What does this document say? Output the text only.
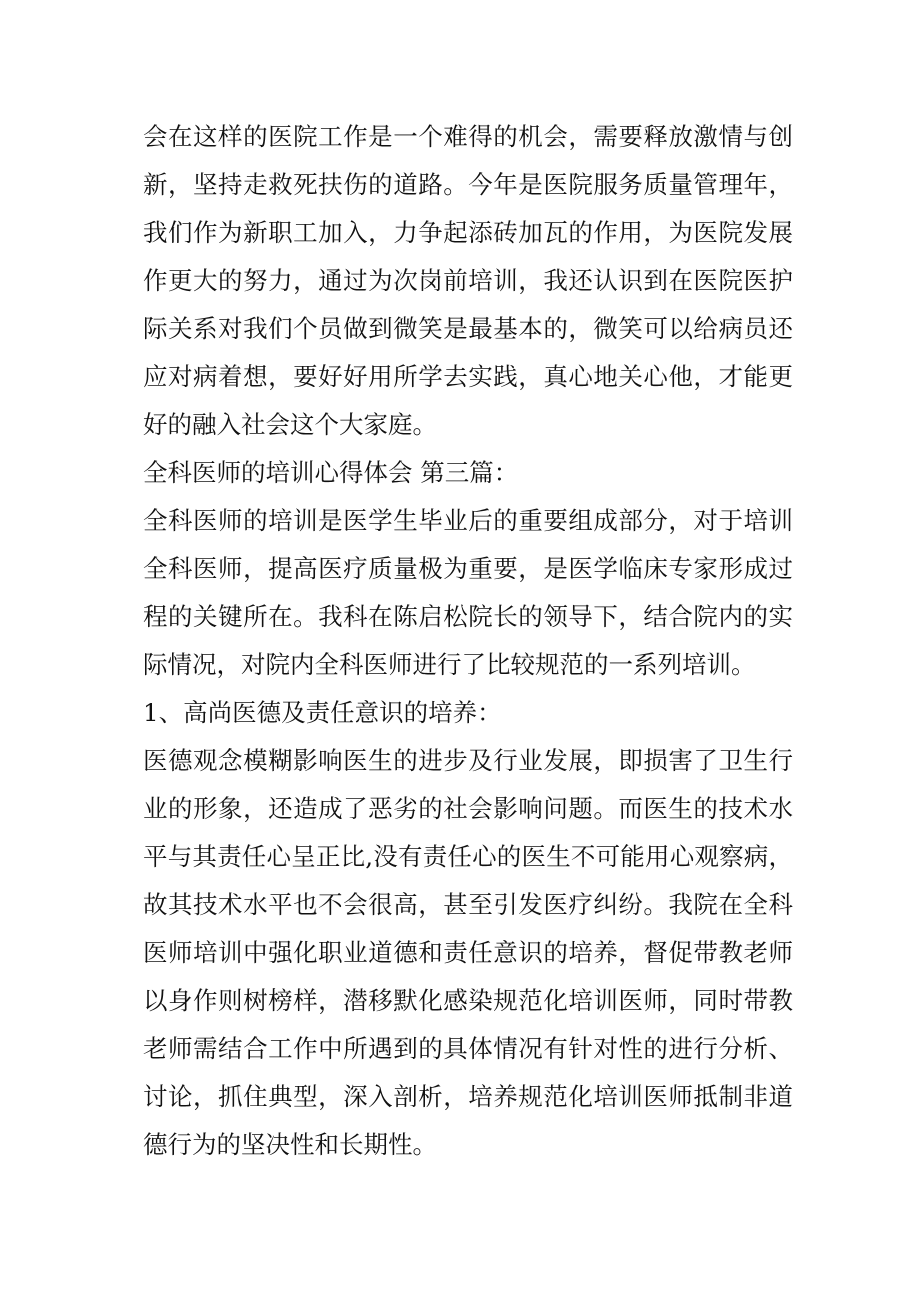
会在这样的医院工作是一个难得的机会，需要释放激情与创
新，坚持走救死扶伤的道路。今年是医院服务质量管理年，
我们作为新职工加入，力争起添砖加瓦的作用，为医院发展
作更大的努力，通过为次岗前培训，我还认识到在医院医护
际关系对我们个员做到微笑是最基本的，微笑可以给病员还
应对病着想，要好好用所学去实践，真心地关心他，才能更
好的融入社会这个大家庭。
全科医师的培训心得体会 第三篇：
全科医师的培训是医学生毕业后的重要组成部分，对于培训
全科医师，提高医疗质量极为重要，是医学临床专家形成过
程的关键所在。我科在陈启松院长的领导下，结合院内的实
际情况，对院内全科医师进行了比较规范的一系列培训。
1、高尚医德及责任意识的培养：
医德观念模糊影响医生的进步及行业发展，即损害了卫生行
业的形象，还造成了恶劣的社会影响问题。而医生的技术水
平与其责任心呈正比,没有责任心的医生不可能用心观察病，
故其技术水平也不会很高，甚至引发医疗纠纷。我院在全科
医师培训中强化职业道德和责任意识的培养，督促带教老师
以身作则树榜样，潜移默化感染规范化培训医师，同时带教
老师需结合工作中所遇到的具体情况有针对性的进行分析、
讨论，抓住典型，深入剖析，培养规范化培训医师抵制非道
德行为的坚决性和长期性。
